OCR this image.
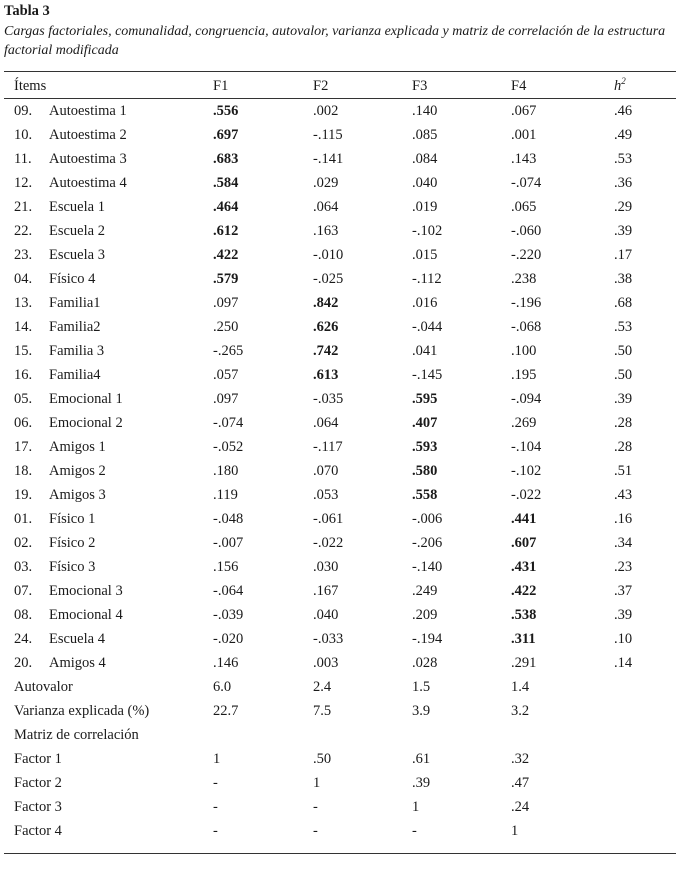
Tabla 3
Cargas factoriales, comunalidad, congruencia, autovalor, varianza explicada y matriz de correlación de la estructura factorial modificada
Ítems	F1	F2	F3	F4	$h^2$
09. Autoestima 1	.556	.002	.140	.067	.46
10. Autoestima 2	.697	-.115	.085	.001	.49
11. Autoestima 3	.683	-.141	.084	.143	.53
12. Autoestima 4	.584	.029	.040	-.074	.36
21. Escuela 1	.464	.064	.019	.065	.29
22. Escuela 2	.612	.163	-.102	-.060	.39
23. Escuela 3	.422	-.010	.015	-.220	.17
04. Físico 4	.579	-.025	-.112	.238	.38
13. Familia1	.097	.842	.016	-.196	.68
14. Familia2	.250	.626	-.044	-.068	.53
15. Familia 3	-.265	.742	.041	.100	.50
16. Familia4	.057	.613	-.145	.195	.50
05. Emocional 1	.097	-.035	.595	-.094	.39
06. Emocional 2	-.074	.064	.407	.269	.28
17. Amigos 1	-.052	-.117	.593	-.104	.28
18. Amigos 2	.180	.070	.580	-.102	.51
19. Amigos 3	.119	.053	.558	-.022	.43
01. Físico 1	-.048	-.061	-.006	.441	.16
02. Físico 2	-.007	-.022	-.206	.607	.34
03. Físico 3	.156	.030	-.140	.431	.23
07. Emocional 3	-.064	.167	.249	.422	.37
08. Emocional 4	-.039	.040	.209	.538	.39
24. Escuela 4	-.020	-.033	-.194	.311	.10
20. Amigos 4	.146	.003	.028	.291	.14
Autovalor	6.0	2.4	1.5	1.4
Varianza explicada (%)	22.7	7.5	3.9	3.2
Matriz de correlación
Factor 1	1	.50	.61	.32
Factor 2	-	1	.39	.47
Factor 3	-	-	1	.24
Factor 4	-	-	-	1
